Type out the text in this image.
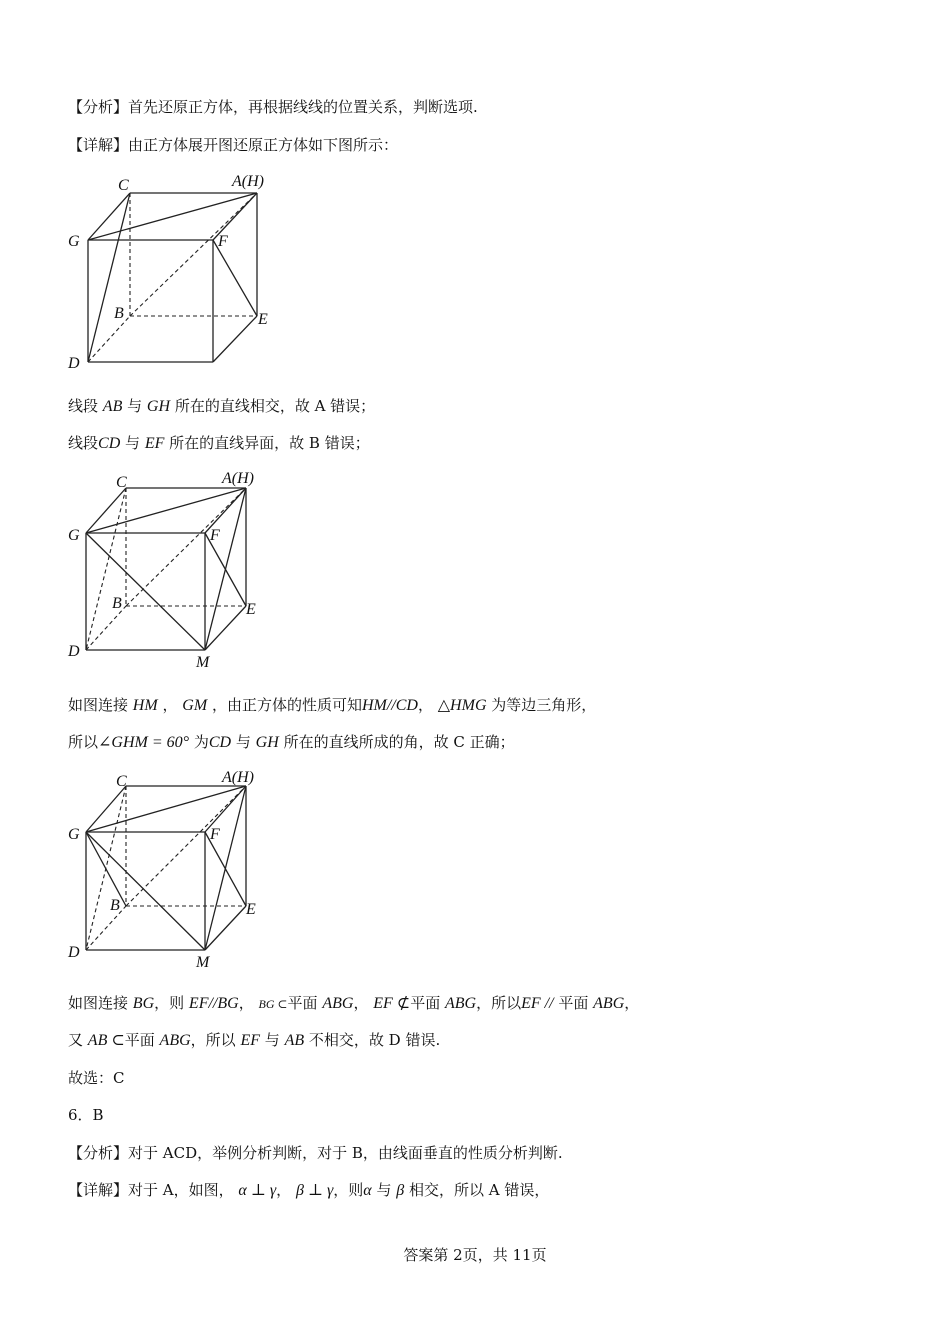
【分析】首先还原正方体，再根据线线的位置关系，判断选项.
【详解】由正方体展开图还原正方体如下图所示：
C	A(H)
G	F
B	E
D
线段 AB 与 GH 所在的直线相交，故 A 错误；
线段CD 与 EF 所在的直线异面，故 B 错误；
C	A(H)
G	F
B	E
D
M
如图连接 HM ， GM ，由正方体的性质可知HM//CD， △HMG 为等边三角形，
所以∠GHM = 60° 为CD 与 GH 所在的直线所成的角，故 C 正确；
C	A(H)
G	F
B	E
D
M
如图连接 BG，则 EF//BG， BG ⊂平面 ABG， EF ⊄平面 ABG，所以EF // 平面 ABG，
又 AB ⊂平面 ABG，所以 EF 与 AB 不相交，故 D 错误.
故选：C
6．B
【分析】对于 ACD，举例分析判断，对于 B，由线面垂直的性质分析判断.
【详解】对于 A，如图， α ⊥ γ， β ⊥ γ，则α 与 β 相交，所以 A 错误，
答案第 2页，共 11页
